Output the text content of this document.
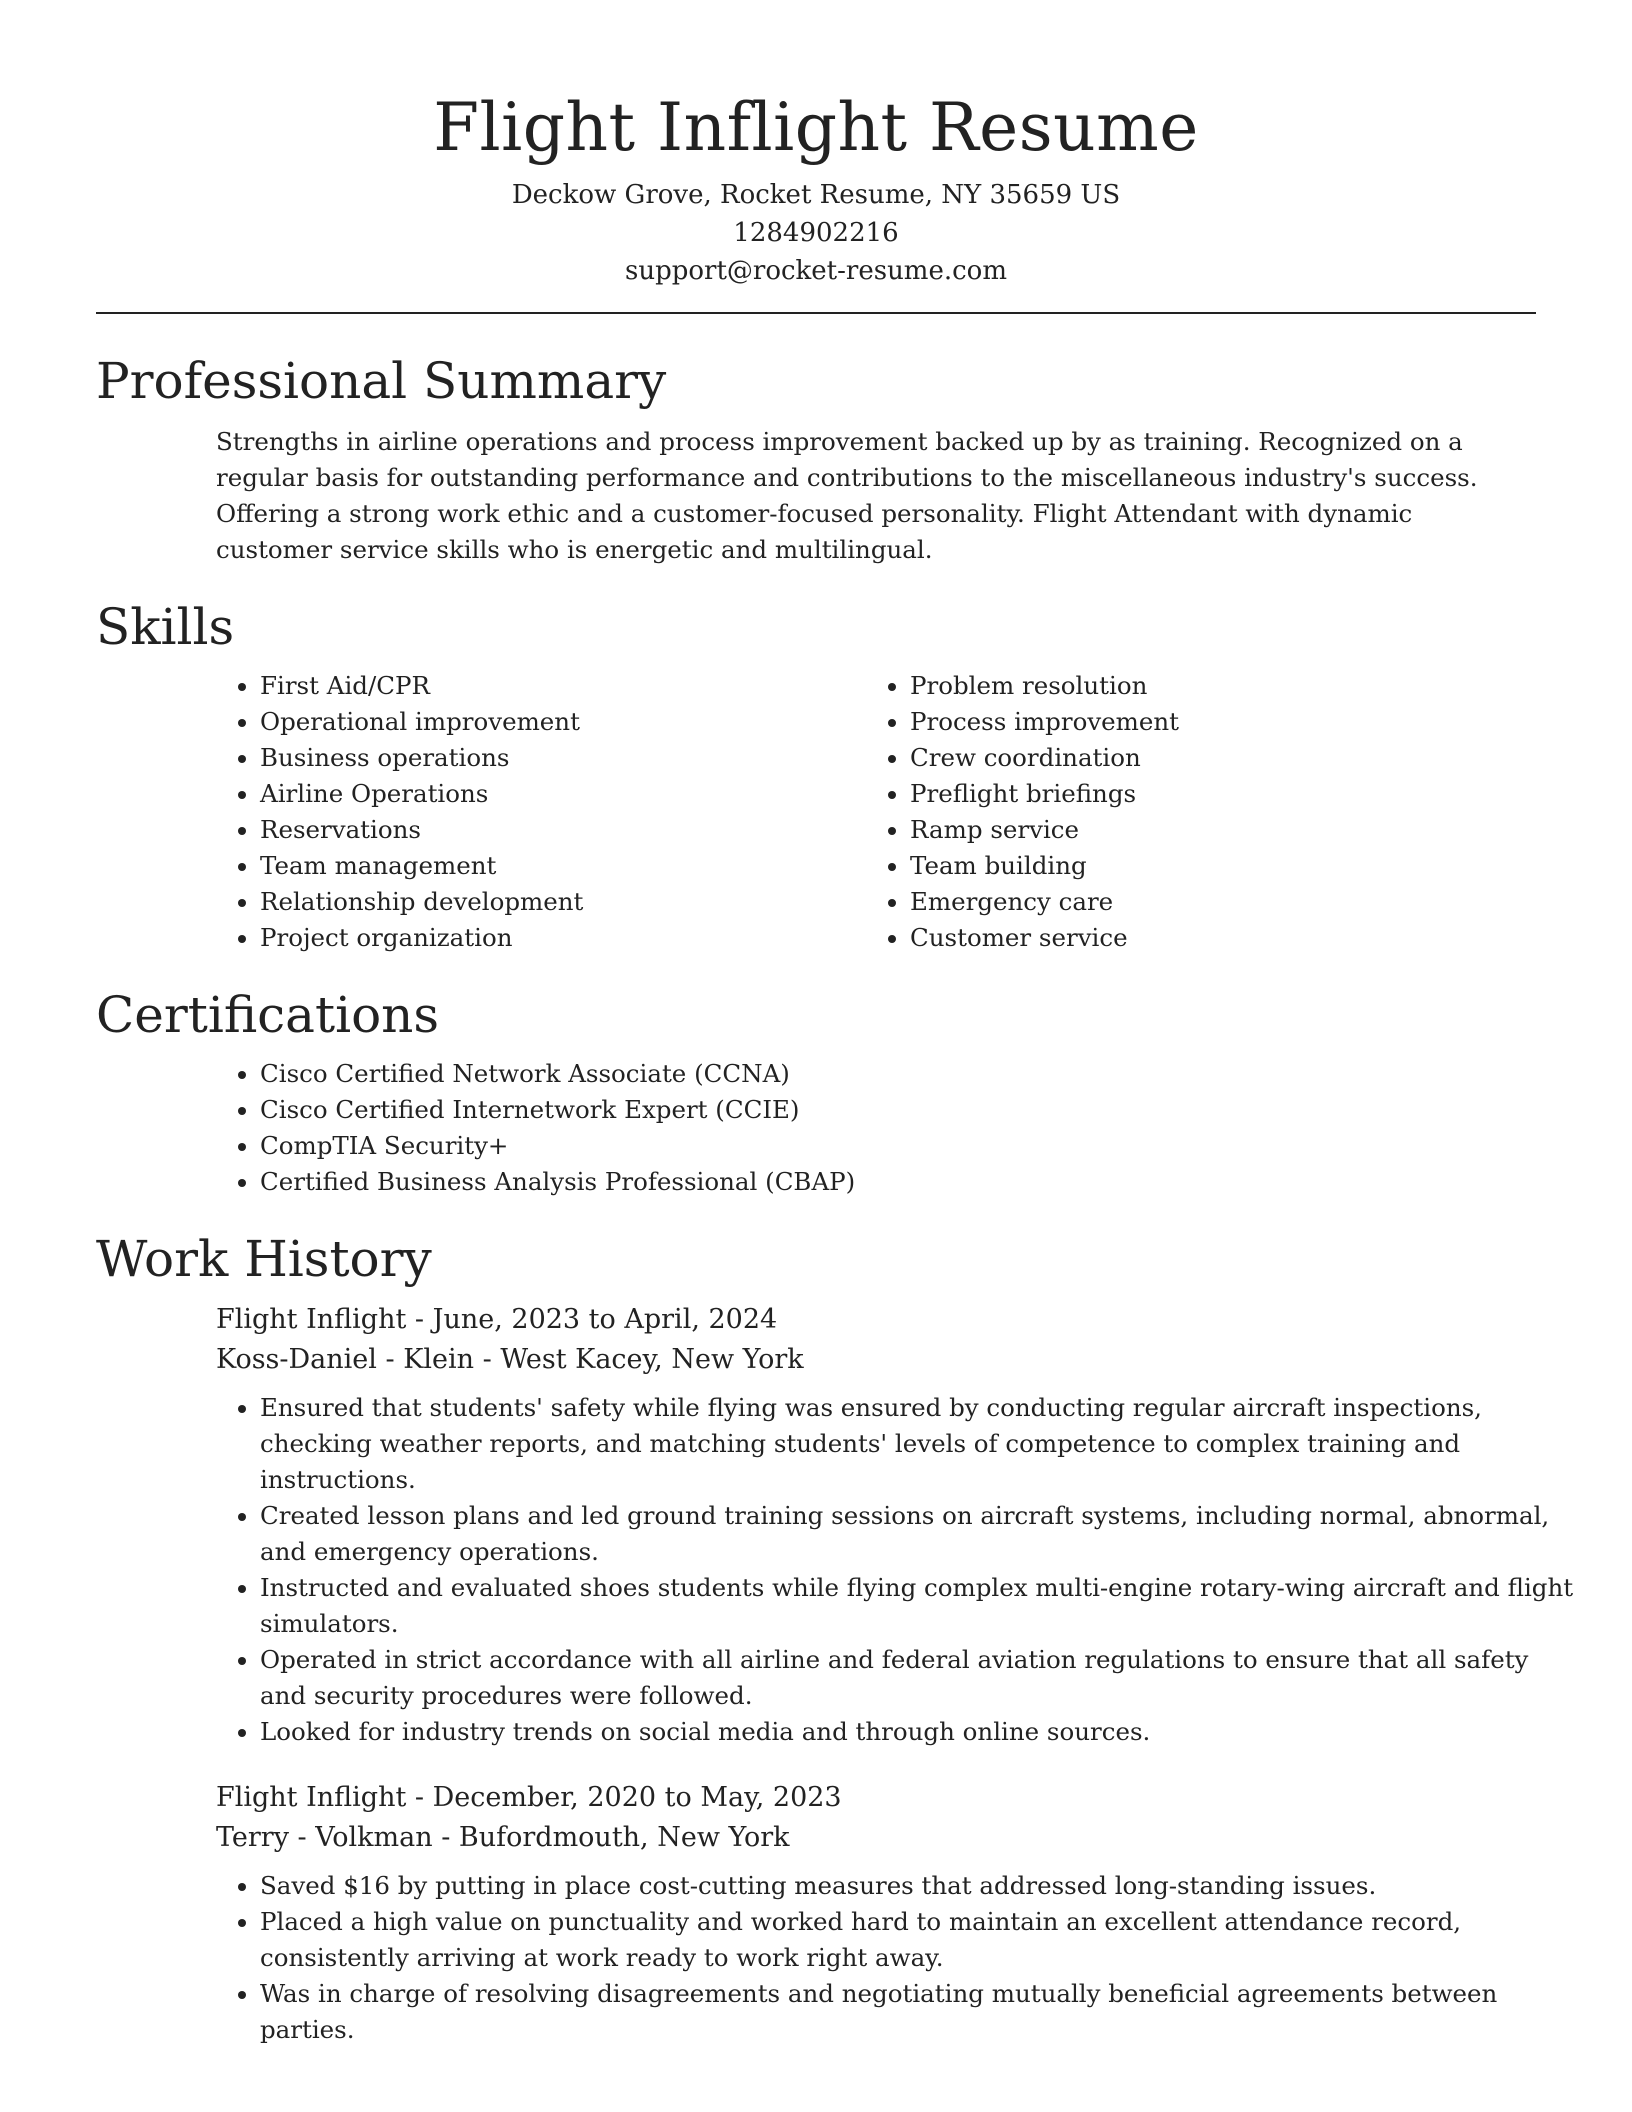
Flight Inflight Resume
Deckow Grove, Rocket Resume, NY 35659 US
1284902216
support@rocket-resume.com
Professional Summary

Strengths in airline operations and process improvement backed up by as training. Recognized on a regular basis for outstanding performance and contributions to the miscellaneous industry's success. Offering a strong work ethic and a customer-focused personality. Flight Attendant with dynamic customer service skills who is energetic and multilingual.

Skills
• First Aid/CPR
• Operational improvement
• Business operations
• Airline Operations
• Reservations
• Team management
• Relationship development
• Project organization
• Problem resolution
• Process improvement
• Crew coordination
• Preflight briefings
• Ramp service
• Team building
• Emergency care
• Customer service
Certifications
• Cisco Certified Network Associate (CCNA)
• Cisco Certified Internetwork Expert (CCIE)
• CompTIA Security+
• Certified Business Analysis Professional (CBAP)
Work History
Flight Inflight - June, 2023 to April, 2024
Koss-Daniel - Klein - West Kacey, New York
• Ensured that students' safety while flying was ensured by conducting regular aircraft inspections, checking weather reports, and matching students' levels of competence to complex training and instructions.
• Created lesson plans and led ground training sessions on aircraft systems, including normal, abnormal, and emergency operations.
• Instructed and evaluated shoes students while flying complex multi-engine rotary-wing aircraft and flight simulators.
• Operated in strict accordance with all airline and federal aviation regulations to ensure that all safety and security procedures were followed.
• Looked for industry trends on social media and through online sources.
Flight Inflight - December, 2020 to May, 2023
Terry - Volkman - Bufordmouth, New York
• Saved $16 by putting in place cost-cutting measures that addressed long-standing issues.
• Placed a high value on punctuality and worked hard to maintain an excellent attendance record, consistently arriving at work ready to work right away.
• Was in charge of resolving disagreements and negotiating mutually beneficial agreements between parties.
